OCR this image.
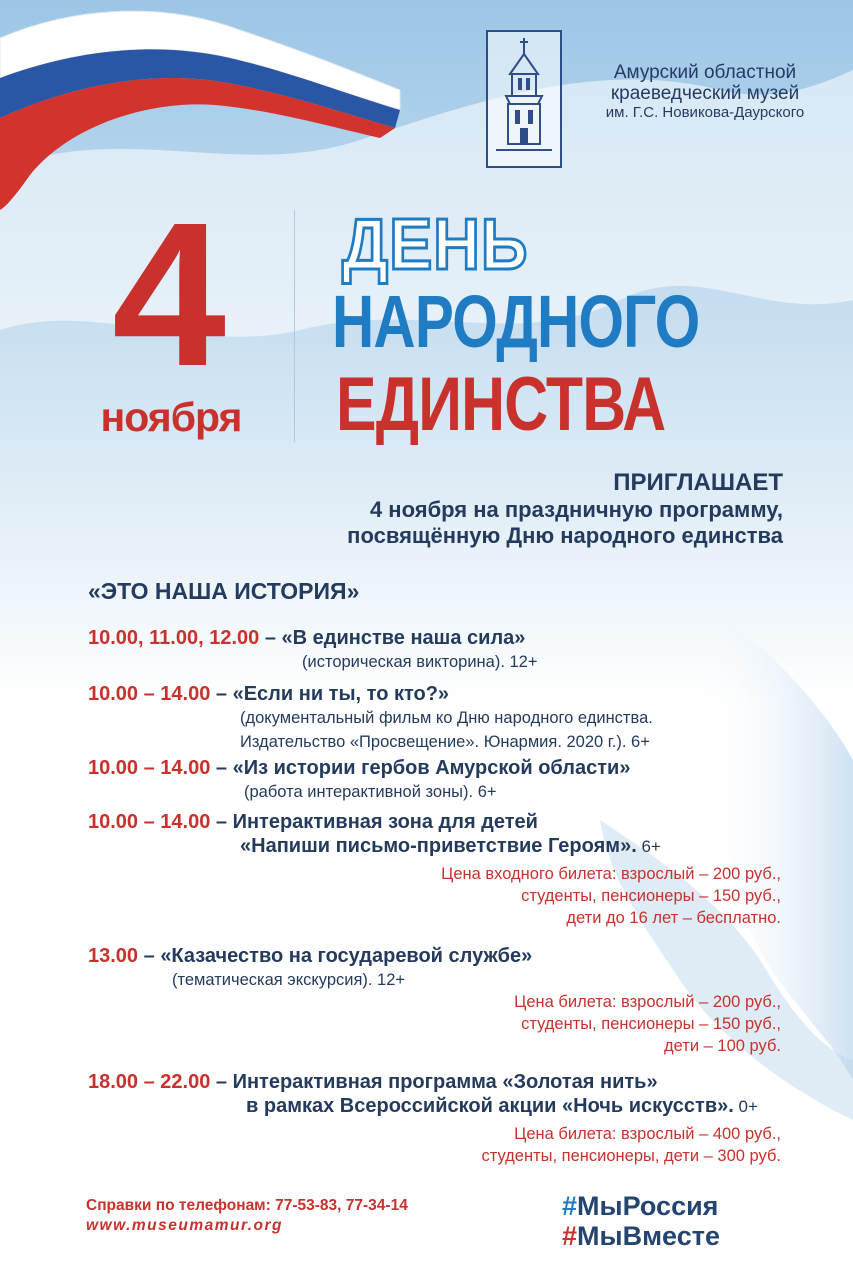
Амурский областной
краеведческий музей
им. Г.С. Новикова-Даурского
4
ноября
ДЕНЬ
НАРОДНОГО
ЕДИНСТВА
ПРИГЛАШАЕТ
4 ноября на праздничную программу,
посвящённую Дню народного единства
«ЭТО НАША ИСТОРИЯ»
10.00, 11.00, 12.00 – «В единстве наша сила»
(историческая викторина). 12+
10.00 – 14.00 – «Если ни ты, то кто?»
(документальный фильм ко Дню народного единства.
Издательство «Просвещение». Юнармия. 2020 г.). 6+
10.00 – 14.00 – «Из истории гербов Амурской области»
(работа интерактивной зоны). 6+
10.00 – 14.00 – Интерактивная зона для детей
«Напиши письмо-приветствие Героям». 6+
Цена входного билета: взрослый – 200 руб.,
студенты, пенсионеры – 150 руб.,
дети до 16 лет – бесплатно.
13.00 – «Казачество на государевой службе»
(тематическая экскурсия). 12+
Цена билета: взрослый – 200 руб.,
студенты, пенсионеры – 150 руб.,
дети – 100 руб.
18.00 – 22.00 – Интерактивная программа «Золотая нить»
в рамках Всероссийской акции «Ночь искусств». 0+
Цена билета: взрослый – 400 руб.,
студенты, пенсионеры, дети – 300 руб.
Справки по телефонам: 77-53-83, 77-34-14
www.museumamur.org
#МыРоссия
#МыВместе
